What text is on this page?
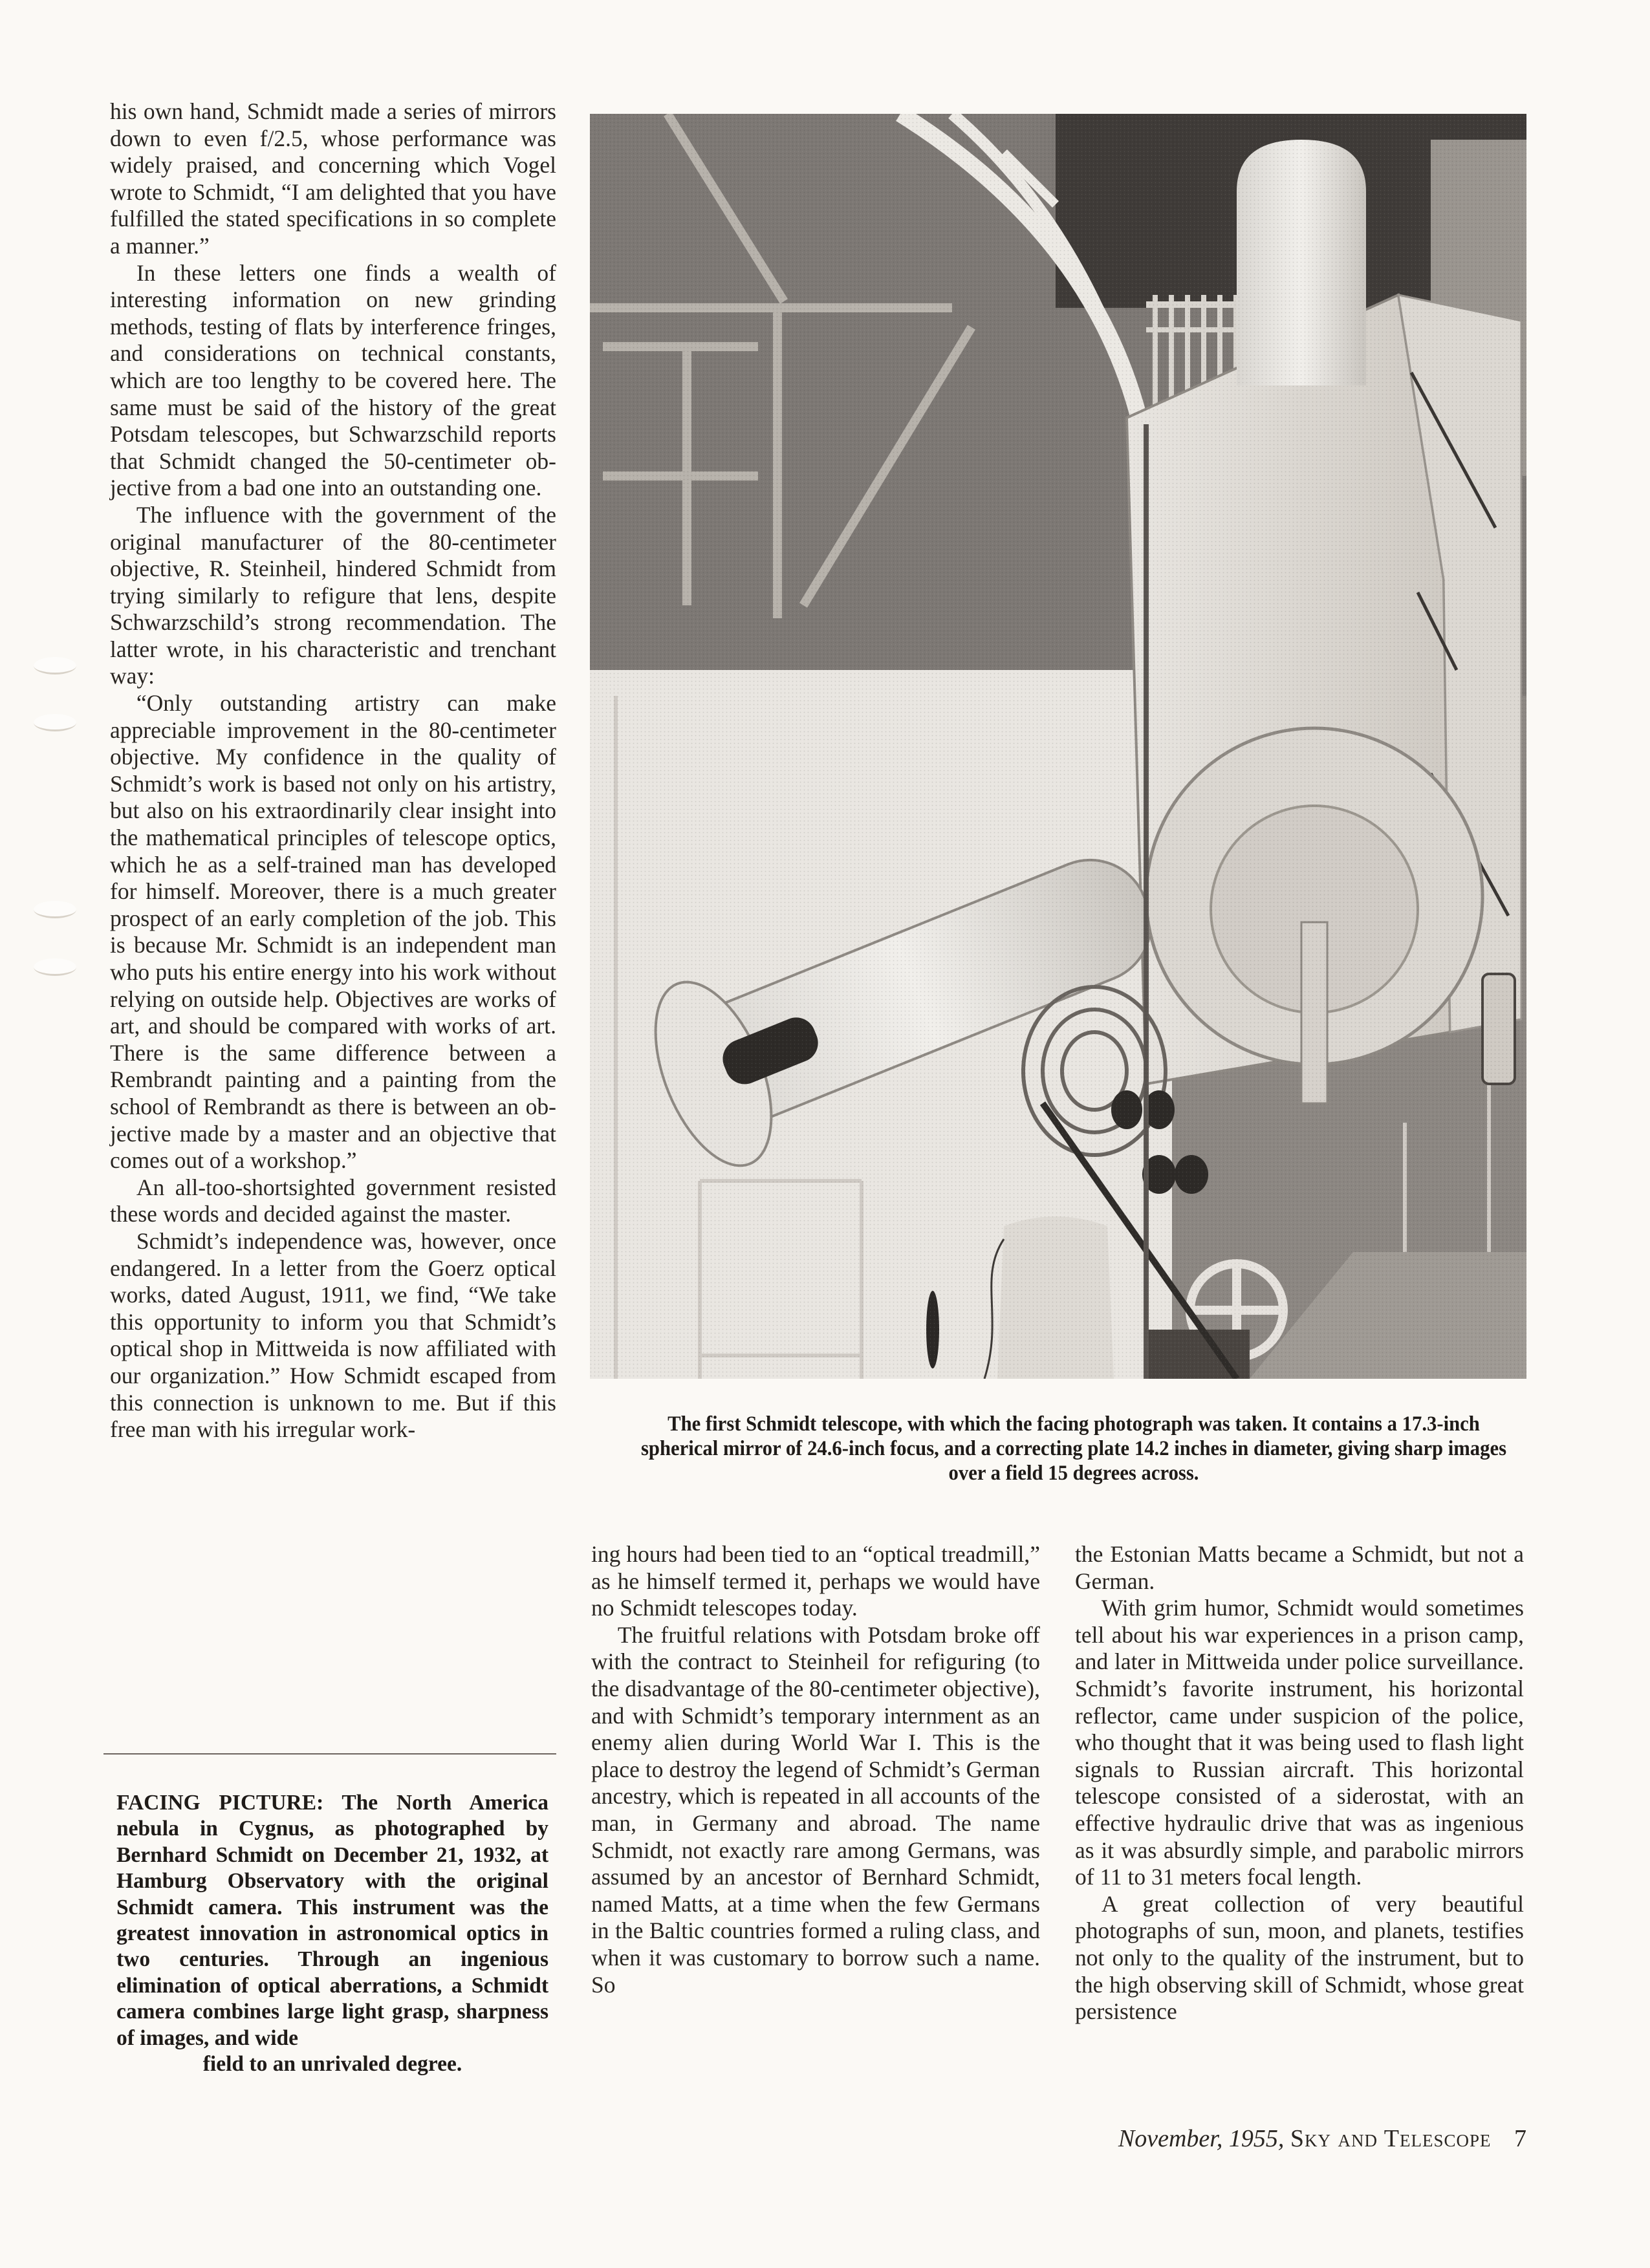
his own hand, Schmidt made a series of mirrors down to even f/2.5, whose performance was widely praised, and concerning which Vogel wrote to Schmidt, “I am delighted that you have fulfilled the stated specifications in so complete a manner.”

In these letters one finds a wealth of interesting information on new grinding methods, testing of flats by interference fringes, and considerations on technical constants, which are too lengthy to be covered here. The same must be said of the history of the great Potsdam telescopes, but Schwarzschild reports that Schmidt changed the 50-centimeter objective from a bad one into an outstanding one.

The influence with the government of the original manufacturer of the 80-centimeter objective, R. Steinheil, hindered Schmidt from trying similarly to refigure that lens, despite Schwarzschild’s strong recommendation. The latter wrote, in his characteristic and trenchant way:

“Only outstanding artistry can make appreciable improvement in the 80-centimeter objective. My confidence in the quality of Schmidt’s work is based not only on his artistry, but also on his extraordinarily clear insight into the mathematical principles of telescope optics, which he as a self-trained man has developed for himself. Moreover, there is a much greater prospect of an early completion of the job. This is because Mr. Schmidt is an independent man who puts his entire energy into his work without relying on outside help. Objectives are works of art, and should be compared with works of art. There is the same difference between a Rembrandt painting and a painting from the school of Rembrandt as there is between an objective made by a master and an objective that comes out of a workshop.”

An all-too-shortsighted government resisted these words and decided against the master.

Schmidt’s independence was, however, once endangered. In a letter from the Goerz optical works, dated August, 1911, we find, “We take this opportunity to inform you that Schmidt’s optical shop in Mittweida is now affiliated with our organization.” How Schmidt escaped from this connection is unknown to me. But if this free man with his irregular work-	The first Schmidt telescope, with which the facing photograph was taken. It contains a 17.3-inch spherical mirror of 24.6-inch focus, and a correcting plate 14.2 inches in diameter, giving sharp images over a field 15 degrees across.

ing hours had been tied to an “optical treadmill,” as he himself termed it, perhaps we would have no Schmidt telescopes today.

The fruitful relations with Potsdam broke off with the contract to Steinheil for refiguring (to the disadvantage of the 80-centimeter objective), and with Schmidt’s temporary internment as an enemy alien during World War I. This is the place to destroy the legend of Schmidt’s German ancestry, which is repeated in all accounts of the man, in Germany and abroad. The name Schmidt, not exactly rare among Germans, was assumed by an ancestor of Bernhard Schmidt, named Matts, at a time when the few Germans in the Baltic countries formed a ruling class, and when it was customary to borrow such a name. So

the Estonian Matts became a Schmidt, but not a German.

With grim humor, Schmidt would sometimes tell about his war experiences in a prison camp, and later in Mittweida under police surveillance. Schmidt’s favorite instrument, his horizontal reflector, came under suspicion of the police, who thought that it was being used to flash light signals to Russian aircraft. This horizontal telescope consisted of a siderostat, with an effective hydraulic drive that was as ingenious as it was absurdly simple, and parabolic mirrors of 11 to 31 meters focal length.

A great collection of very beautiful photographs of sun, moon, and planets, testifies not only to the quality of the instrument, but to the high observing skill of Schmidt, whose great persistence

FACING PICTURE: The North America nebula in Cygnus, as photographed by Bernhard Schmidt on December 21, 1932, at Hamburg Observatory with the original Schmidt camera. This instrument was the greatest innovation in astronomical optics in two centuries. Through an ingenious elimination of optical aberrations, a Schmidt camera combines large light grasp, sharpness of images, and wide
field to an unrivaled degree.
November, 1955, Sky and Telescope 7
